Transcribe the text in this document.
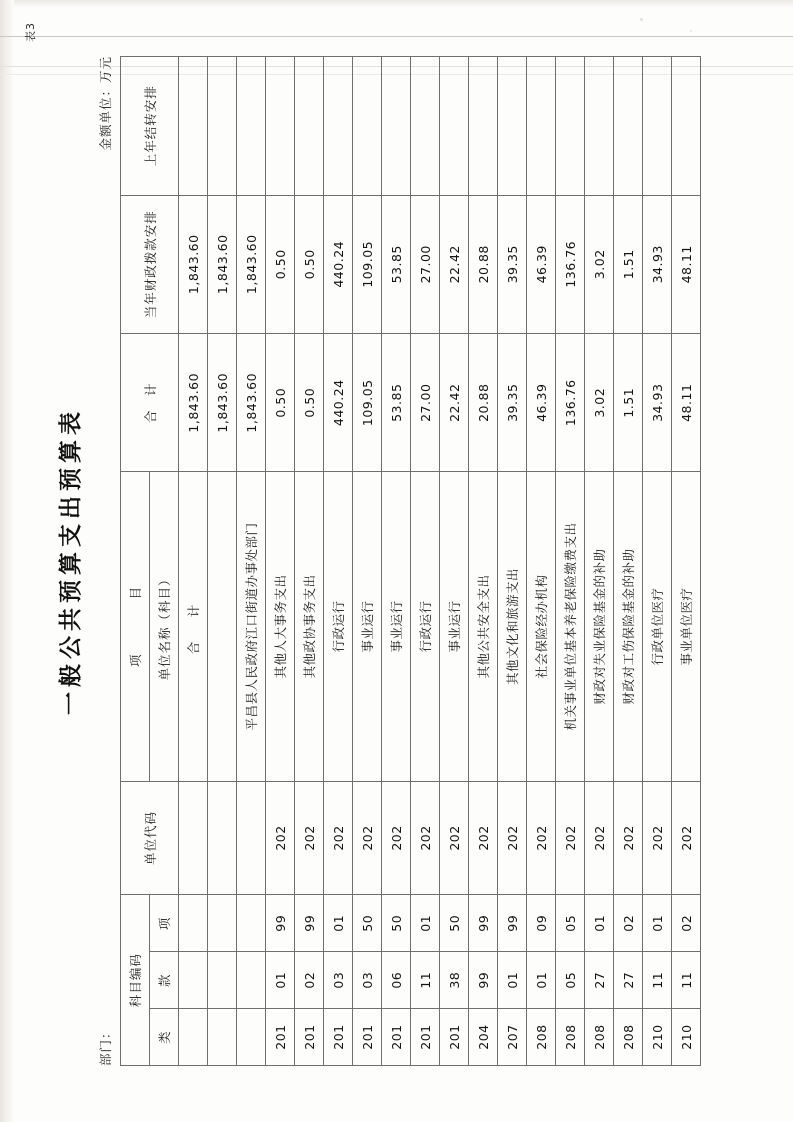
表3
一般公共预算支出预算表
部门：
金额单位：万元
科目编码			单位代码	项　　　　目	合　计	当年财政拨款安排	上年结转安排
类	款	项		单位名称（科目）			
				合　计	1,843.60	1,843.60	
					1,843.60	1,843.60	
				平昌县人民政府江口街道办事处部门	1,843.60	1,843.60	
201	01	99	202	其他人大事务支出	0.50	0.50	
201	02	99	202	其他政协事务支出	0.50	0.50	
201	03	01	202	行政运行	440.24	440.24	
201	03	50	202	事业运行	109.05	109.05	
201	06	50	202	事业运行	53.85	53.85	
201	11	01	202	行政运行	27.00	27.00	
201	38	50	202	事业运行	22.42	22.42	
204	99	99	202	其他公共安全支出	20.88	20.88	
207	01	99	202	其他文化和旅游支出	39.35	39.35	
208	01	09	202	社会保险经办机构	46.39	46.39	
208	05	05	202	机关事业单位基本养老保险缴费支出	136.76	136.76	
208	27	01	202	财政对失业保险基金的补助	3.02	3.02	
208	27	02	202	财政对工伤保险基金的补助	1.51	1.51	
210	11	01	202	行政单位医疗	34.93	34.93	
210	11	02	202	事业单位医疗	48.11	48.11	
